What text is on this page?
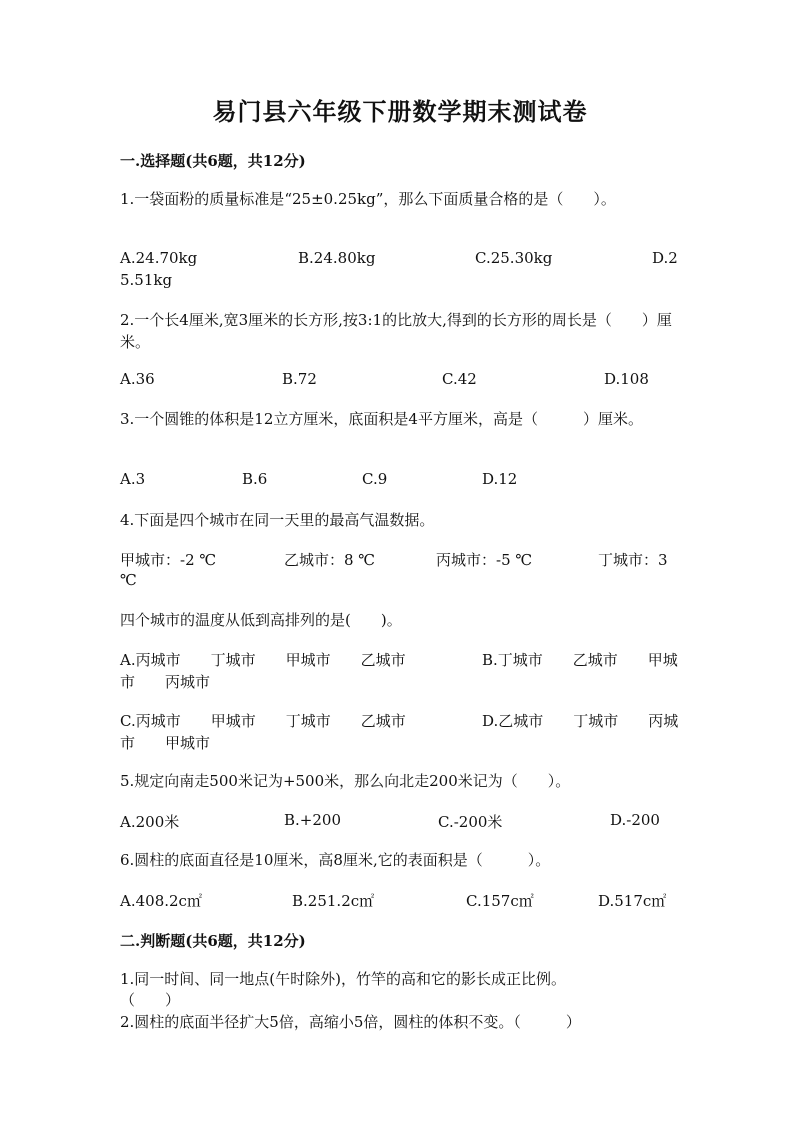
易门县六年级下册数学期末测试卷
一.选择题(共6题，共12分)
1.一袋面粉的质量标准是“25±0.25kg”，那么下面质量合格的是（　　）。
A.24.70kg	B.24.80kg	C.25.30kg	D.2
5.51kg
2.一个长4厘米,宽3厘米的长方形,按3:1的比放大,得到的长方形的周长是（　　）厘米。
A.36	B.72	C.42	D.108
3.一个圆锥的体积是12立方厘米，底面积是4平方厘米，高是（　　　）厘米。
A.3	B.6	C.9	D.12
4.下面是四个城市在同一天里的最高气温数据。
甲城市：-2 ℃	乙城市：8 ℃	丙城市：-5 ℃	丁城市：3
℃
四个城市的温度从低到高排列的是(　　)。
A.丙城市　　丁城市　　甲城市　　乙城市	B.丁城市　　乙城市　　甲城
市　　丙城市
C.丙城市　　甲城市　　丁城市　　乙城市	D.乙城市　　丁城市　　丙城
市　　甲城市
5.规定向南走500米记为+500米，那么向北走200米记为（　　）。
A.200米	B.+200	C.-200米	D.-200
6.圆柱的底面直径是10厘米，高8厘米,它的表面积是（　　　）。
A.408.2c㎡	B.251.2c㎡	C.157c㎡	D.517c㎡
二.判断题(共6题，共12分)
1.同一时间、同一地点(午时除外)，竹竿的高和它的影长成正比例。
（　　）
2.圆柱的底面半径扩大5倍，高缩小5倍，圆柱的体积不变。（　　　）
